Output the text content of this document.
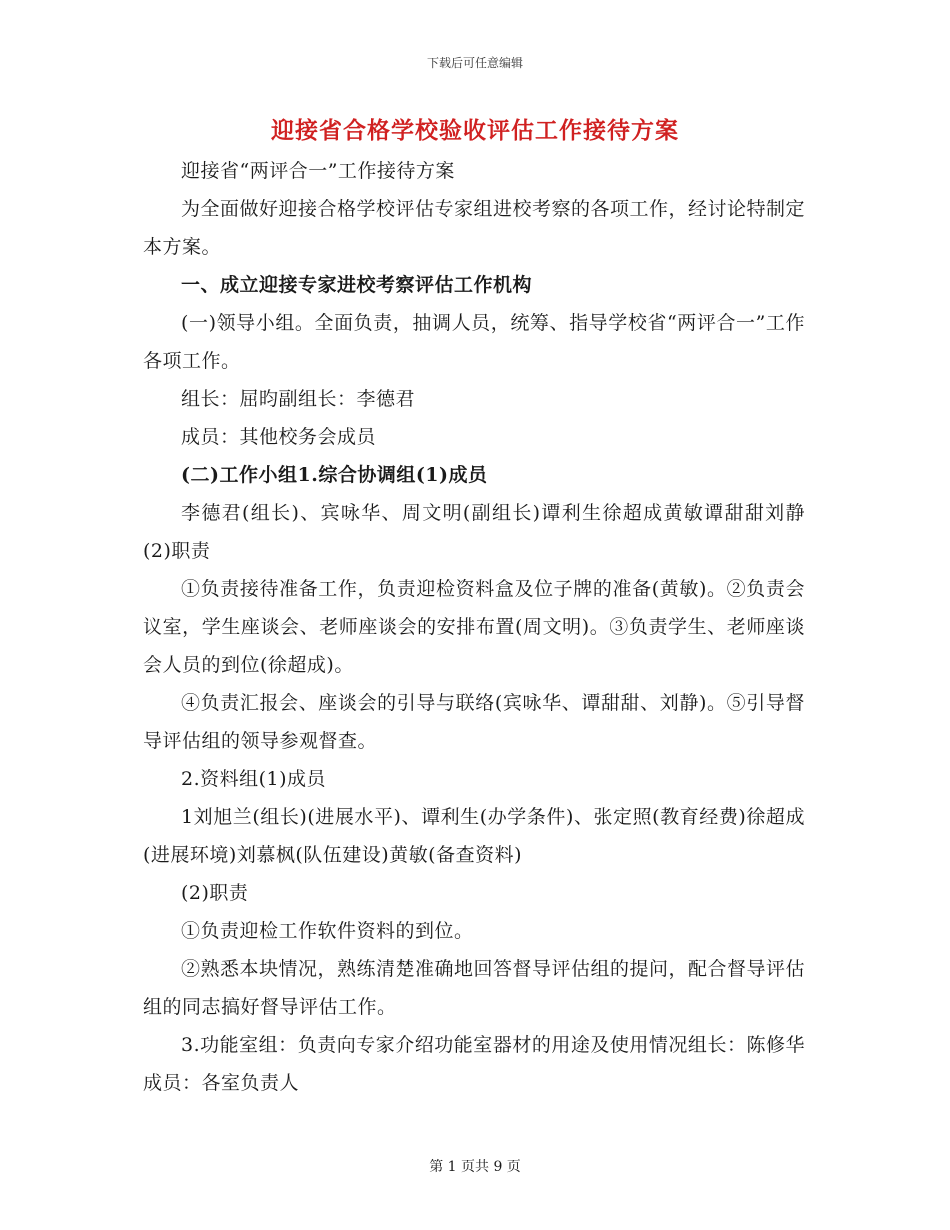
下载后可任意编辑
迎接省合格学校验收评估工作接待方案

迎接省“两评合一”工作接待方案

为全面做好迎接合格学校评估专家组进校考察的各项工作，经讨论特制定本方案。

一、成立迎接专家进校考察评估工作机构

(一)领导小组。全面负责，抽调人员，统筹、指导学校省“两评合一”工作各项工作。

组长：屈昀副组长：李德君

成员：其他校务会成员

(二)工作小组1.综合协调组(1)成员

李德君(组长)、宾咏华、周文明(副组长)谭利生徐超成黄敏谭甜甜刘静(2)职责

①负责接待准备工作，负责迎检资料盒及位子牌的准备(黄敏)。②负责会议室，学生座谈会、老师座谈会的安排布置(周文明)。③负责学生、老师座谈会人员的到位(徐超成)。

④负责汇报会、座谈会的引导与联络(宾咏华、谭甜甜、刘静)。⑤引导督导评估组的领导参观督查。

2.资料组(1)成员

1刘旭兰(组长)(进展水平)、谭利生(办学条件)、张定照(教育经费)徐超成(进展环境)刘慕枫(队伍建设)黄敏(备查资料)

(2)职责

①负责迎检工作软件资料的到位。

②熟悉本块情况，熟练清楚准确地回答督导评估组的提问，配合督导评估组的同志搞好督导评估工作。

3.功能室组：负责向专家介绍功能室器材的用途及使用情况组长：陈修华成员：各室负责人

第 1 页共 9 页
